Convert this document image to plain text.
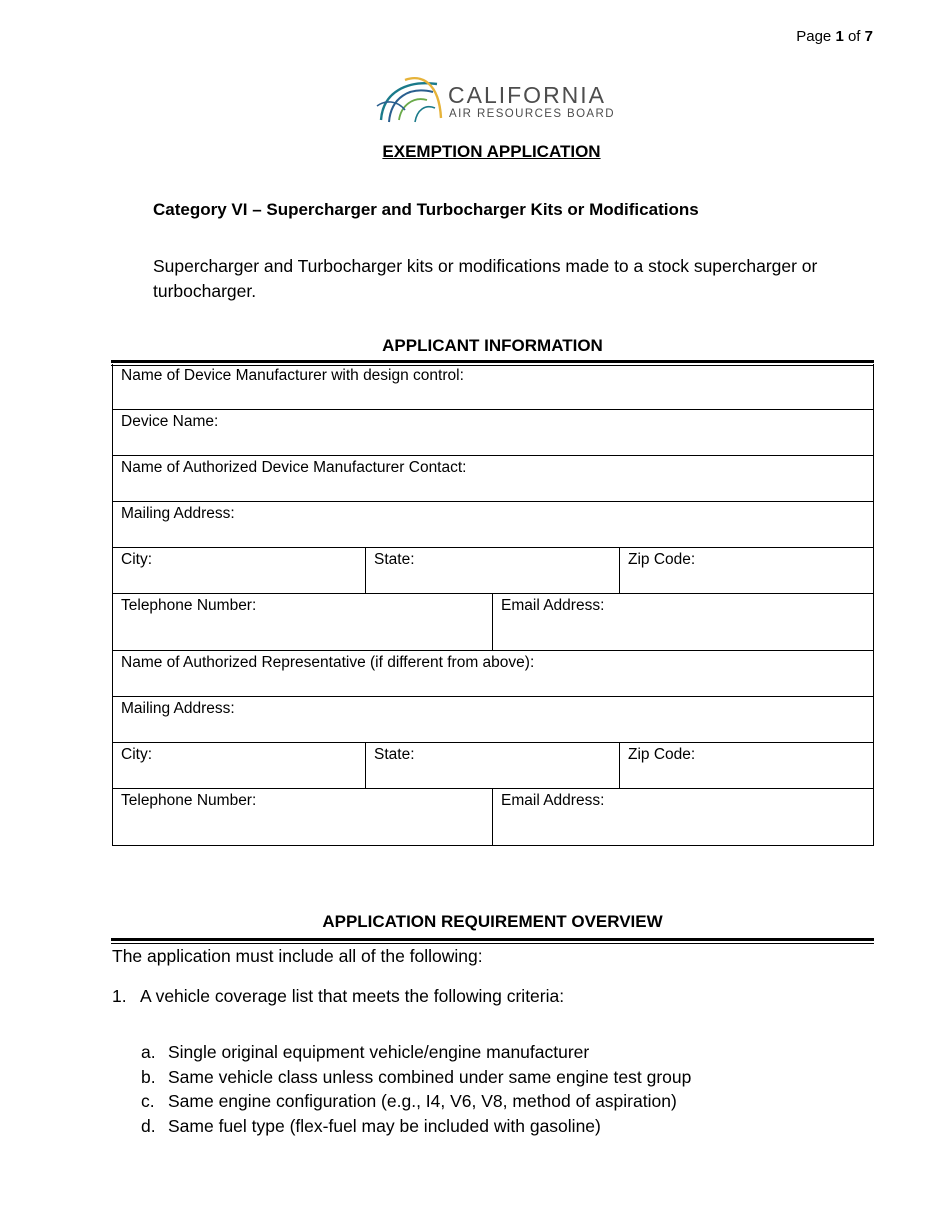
Page 1 of 7
CALIFORNIA
AIR RESOURCES BOARD
EXEMPTION APPLICATION
Category VI – Supercharger and Turbocharger Kits or Modifications
Supercharger and Turbocharger kits or modifications made to a stock supercharger or turbocharger.
APPLICANT INFORMATION
Name of Device Manufacturer with design control:			
Device Name:			
Name of Authorized Device Manufacturer Contact:			
Mailing Address:			
City:	State:		Zip Code:
Telephone Number:		Email Address:	
Name of Authorized Representative (if different from above):			
Mailing Address:			
City:	State:		Zip Code:
Telephone Number:		Email Address:	
APPLICATION REQUIREMENT OVERVIEW
The application must include all of the following:
1. A vehicle coverage list that meets the following criteria:
a. Single original equipment vehicle/engine manufacturer
b. Same vehicle class unless combined under same engine test group
c. Same engine configuration (e.g., I4, V6, V8, method of aspiration)
d. Same fuel type (flex-fuel may be included with gasoline)
